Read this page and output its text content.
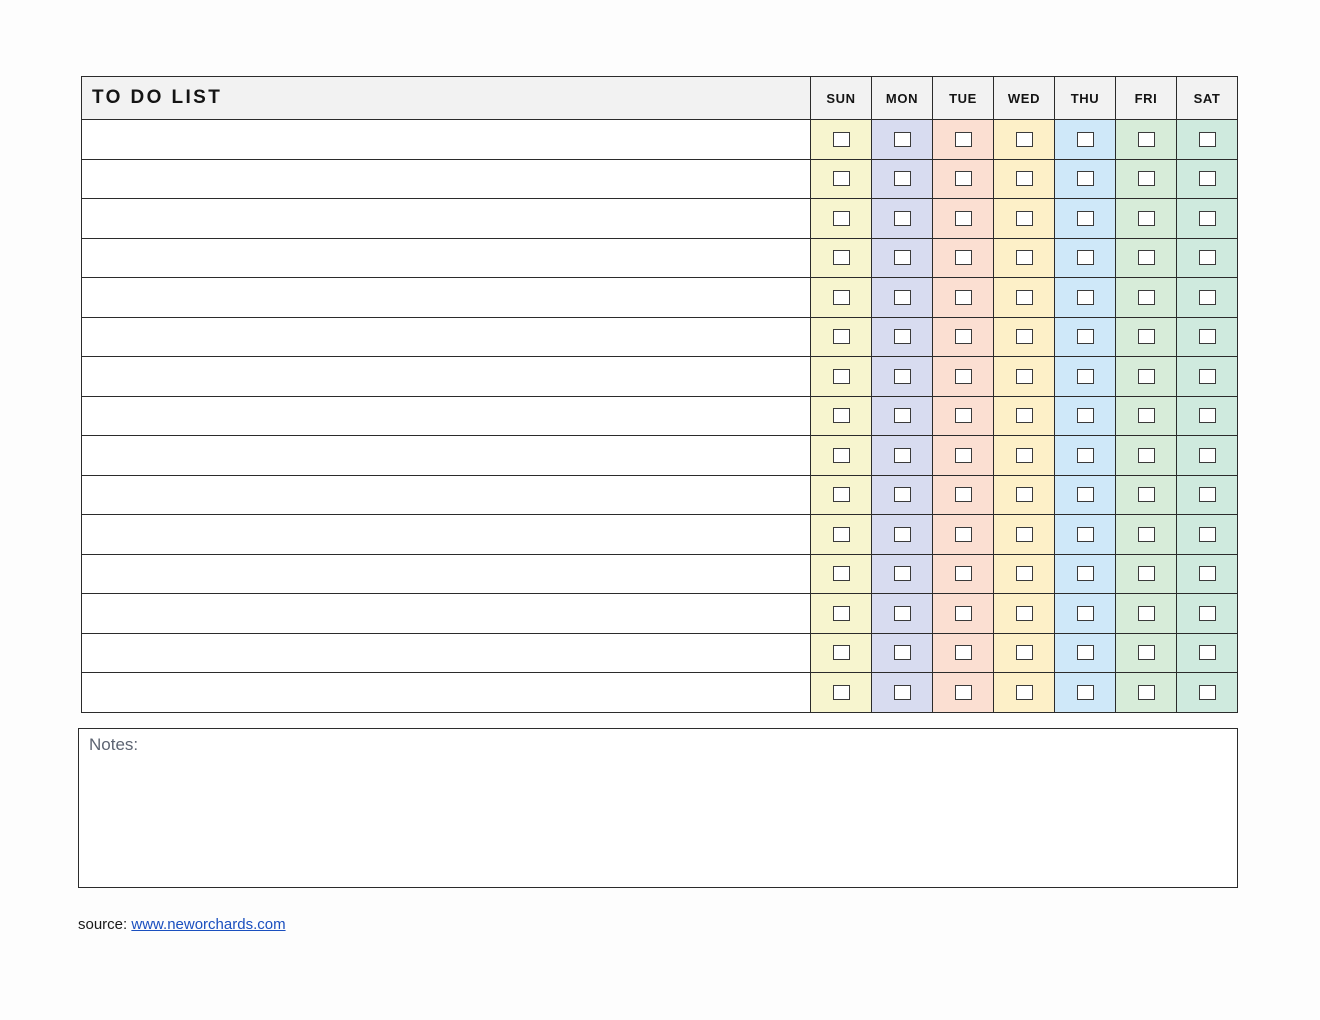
TO DO LIST	SUN	MON	TUE	WED	THU	FRI	SAT

Notes:
source: www.neworchards.com
